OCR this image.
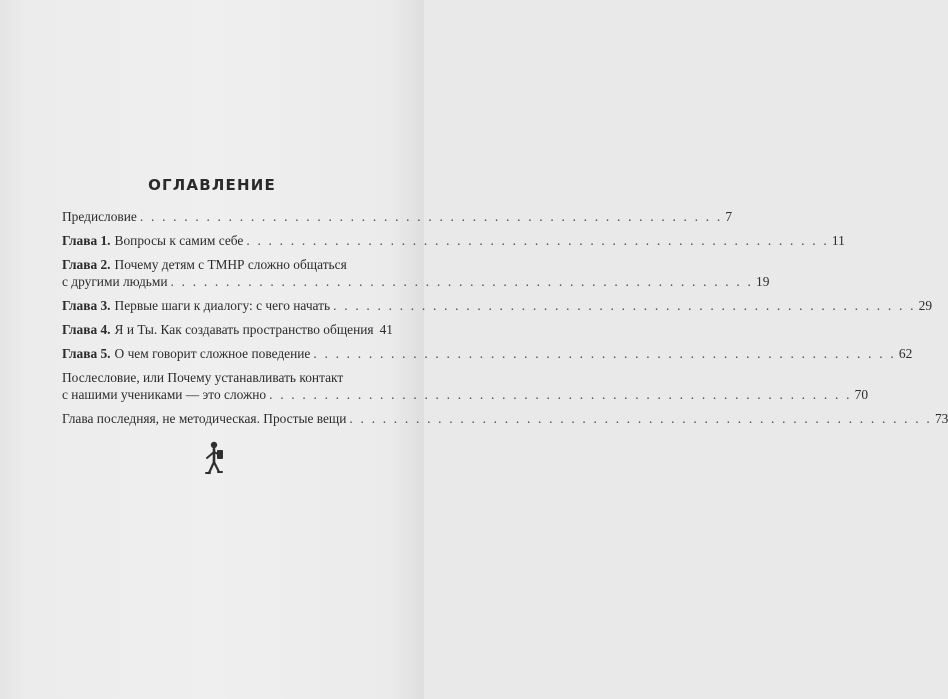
ОГЛАВЛЕНИЕ
Предисловие . . . . . . . . . . . . . . . . . . . . . . . . . . . . . . . . . . . . . . . . . . . . . . . . . . . . . 7
Глава 1. Вопросы к самим себе . . . . . . . . . . . . . . . . . . . . . . . . . . . . . . . . . . . . . . . . . . . . . . . . . . . . . 11
Глава 2. Почему детям с ТМНР сложно общаться
с другими людьми . . . . . . . . . . . . . . . . . . . . . . . . . . . . . . . . . . . . . . . . . . . . . . . . . . . . . 19
Глава 3. Первые шаги к диалогу: с чего начать . . . . . . . . . . . . . . . . . . . . . . . . . . . . . . . . . . . . . . . . . . . . . . . . . . . . . 29
Глава 4. Я и Ты. Как создавать пространство общения 41
Глава 5. О чем говорит сложное поведение . . . . . . . . . . . . . . . . . . . . . . . . . . . . . . . . . . . . . . . . . . . . . . . . . . . . . 62
Послесловие, или Почему устанавливать контакт
с нашими учениками — это сложно . . . . . . . . . . . . . . . . . . . . . . . . . . . . . . . . . . . . . . . . . . . . . . . . . . . . . 70
Глава последняя, не методическая. Простые вещи . . . . . . . . . . . . . . . . . . . . . . . . . . . . . . . . . . . . . . . . . . . . . . . . . . . . . 73
